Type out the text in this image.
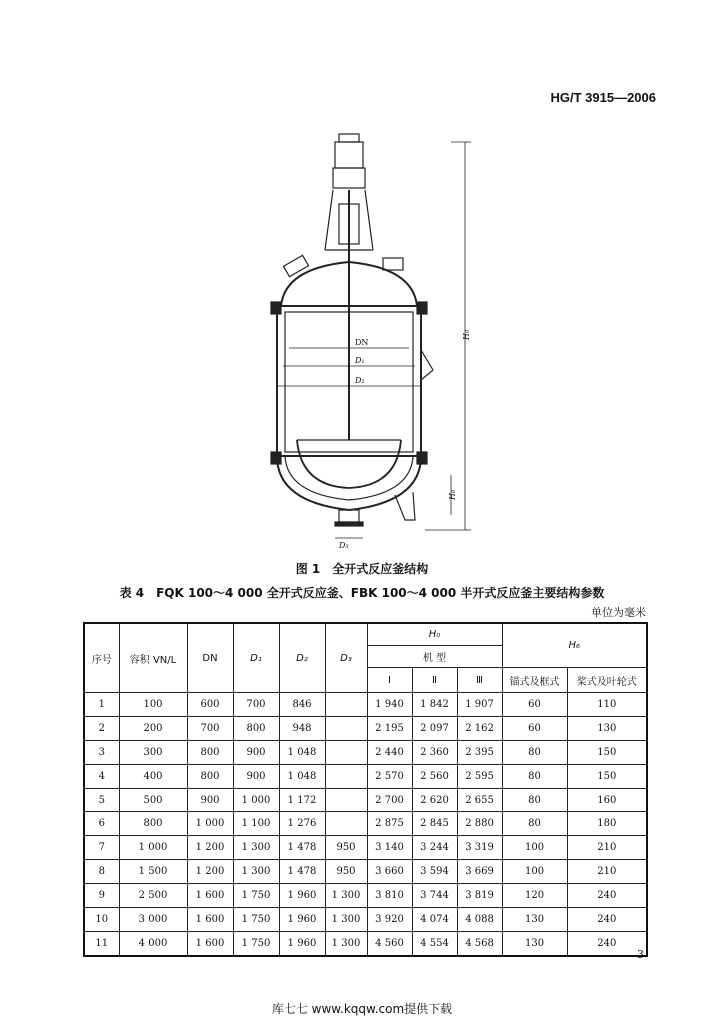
HG/T 3915—2006
DN
D₁
D₂
D₃
H₀
H₆
图 1　全开式反应釜结构
表 4　FQK 100～4 000 全开式反应釜、FBK 100～4 000 半开式反应釜主要结构参数
单位为毫米
序号	容积 VN/L	DN	D₁	D₂	D₃	H₀			H₆	
						机 型				
						Ⅰ	Ⅱ	Ⅲ	锚式及框式	桨式及叶轮式
1	100	600	700	846		1 940	1 842	1 907	60	110
2	200	700	800	948		2 195	2 097	2 162	60	130
3	300	800	900	1 048		2 440	2 360	2 395	80	150
4	400	800	900	1 048		2 570	2 560	2 595	80	150
5	500	900	1 000	1 172		2 700	2 620	2 655	80	160
6	800	1 000	1 100	1 276		2 875	2 845	2 880	80	180
7	1 000	1 200	1 300	1 478	950	3 140	3 244	3 319	100	210
8	1 500	1 200	1 300	1 478	950	3 660	3 594	3 669	100	210
9	2 500	1 600	1 750	1 960	1 300	3 810	3 744	3 819	120	240
10	3 000	1 600	1 750	1 960	1 300	3 920	4 074	4 088	130	240
11	4 000	1 600	1 750	1 960	1 300	4 560	4 554	4 568	130	240
3
库七七 www.kqqw.com提供下载
